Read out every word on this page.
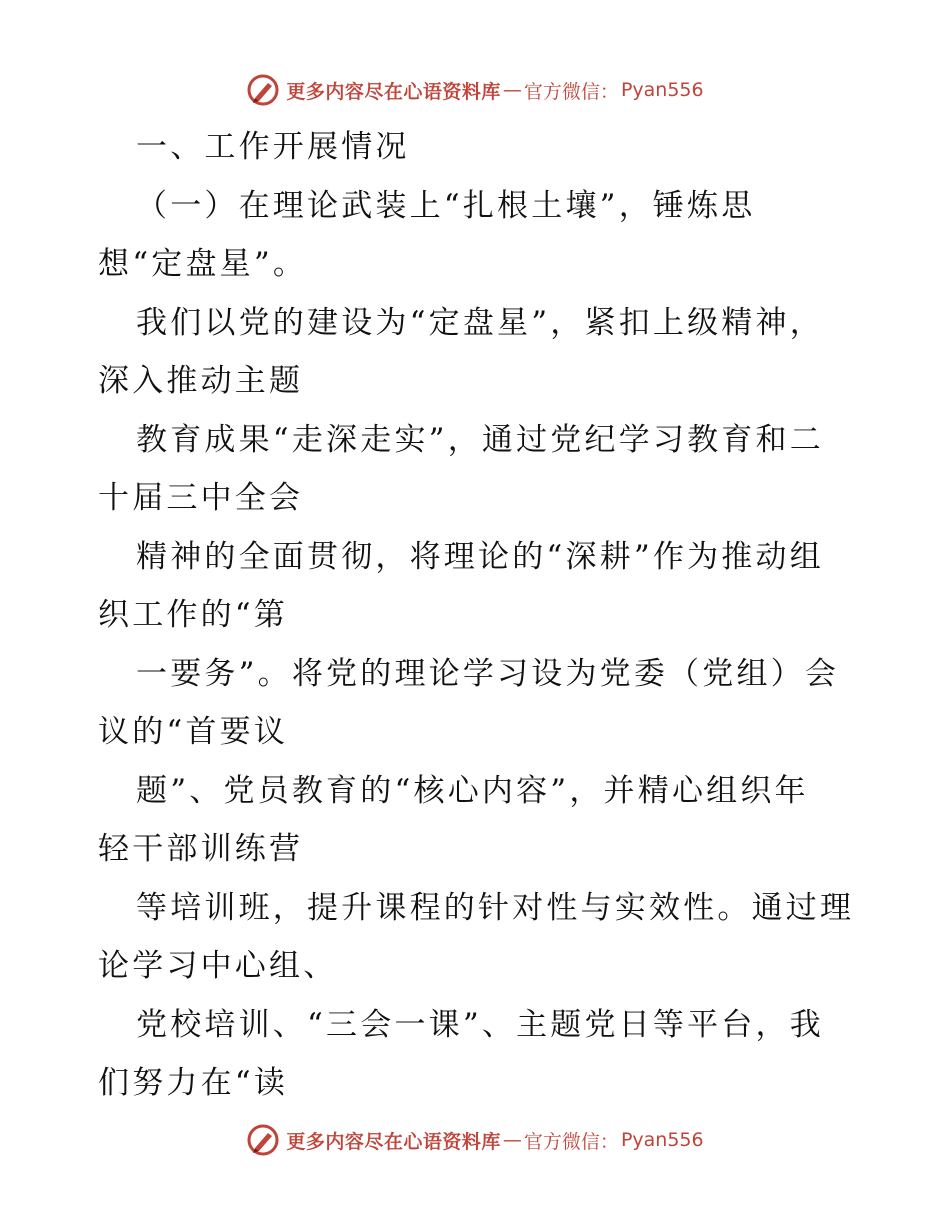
更多内容尽在心语资料库 — 官方微信： Pyan556
一、工作开展情况
（一）在理论武装上“扎根土壤”，锤炼思
想“定盘星”。
我们以党的建设为“定盘星”，紧扣上级精神，
深入推动主题
教育成果“走深走实”，通过党纪学习教育和二
十届三中全会
精神的全面贯彻，将理论的“深耕”作为推动组
织工作的“第
一要务”。将党的理论学习设为党委（党组）会
议的“首要议
题”、党员教育的“核心内容”，并精心组织年
轻干部训练营
等培训班，提升课程的针对性与实效性。通过理
论学习中心组、
党校培训、“三会一课”、主题党日等平台，我
们努力在“读
更多内容尽在心语资料库 — 官方微信： Pyan556
